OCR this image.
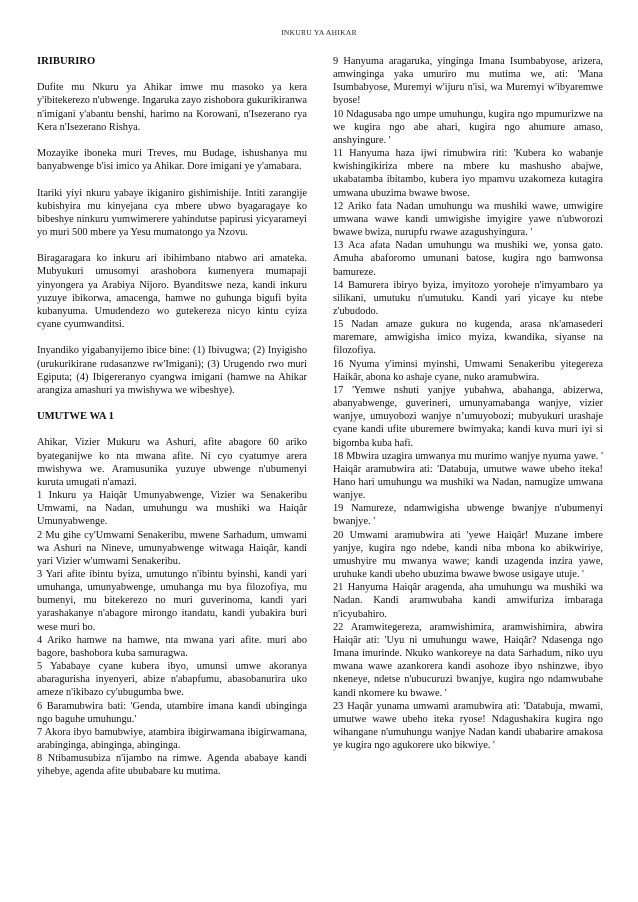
INKURU YA AHIKAR
IRIBURIRO

Dufite mu Nkuru ya Ahikar imwe mu masoko ya kera y'ibitekerezo n'ubwenge. Ingaruka zayo zishobora gukurikiranwa n'imigani y'abantu benshi, harimo na Korowani, n'Isezerano rya Kera n'Isezerano Rishya.

Mozayike iboneka muri Treves, mu Budage, ishushanya mu banyabwenge b'isi imico ya Ahikar. Dore imigani ye y'amabara.

Itariki yiyi nkuru yabaye ikiganiro gishimishije. Intiti zarangije kubishyira mu kinyejana cya mbere ubwo byagaragaye ko bibeshye ninkuru yumwimerere yahindutse papirusi yicyarameyi yo muri 500 mbere ya Yesu mumatongo ya Nzovu.

Biragaragara ko inkuru ari ibihimbano ntabwo ari amateka. Mubyukuri umusomyi arashobora kumenyera mumapaji yinyongera ya Arabiya Nijoro. Byanditswe neza, kandi inkuru yuzuye ibikorwa, amacenga, hamwe no guhunga bigufi byita kubanyuma. Umudendezo wo gutekereza nicyo kintu cyiza cyane cyumwanditsi.

Inyandiko yigabanyijemo ibice bine: (1) Ibivugwa; (2) Inyigisho (urukurikirane rudasanzwe rw'Imigani); (3) Urugendo rwo muri Egiputa; (4) Ibigereranyo cyangwa imigani (hamwe na Ahikar arangiza amashuri ya mwishywa we wibeshye).

UMUTWE WA 1

Ahikar, Vizier Mukuru wa Ashuri, afite abagore 60 ariko byateganijwe ko nta mwana afite. Ni cyo cyatumye arera mwishywa we. Aramusunika yuzuye ubwenge n'ubumenyi kuruta umugati n'amazi.

1 Inkuru ya Haiqâr Umunyabwenge, Vizier wa Senakeribu Umwami, na Nadan, umuhungu wa mushiki wa Haiqâr Umunyabwenge.

2 Mu gihe cy'Umwami Senakeribu, mwene Sarhadum, umwami wa Ashuri na Nineve, umunyabwenge witwaga Haiqâr, kandi yari Vizier w'umwami Senakeribu.

3 Yari afite ibintu byiza, umutungo n'ibintu byinshi, kandi yari umuhanga, umunyabwenge, umuhanga mu bya filozofiya, mu bumenyi, mu bitekerezo no muri guverinoma, kandi yari yarashakanye n'abagore mirongo itandatu, kandi yubakira buri wese muri bo.

4 Ariko hamwe na hamwe, nta mwana yari afite. muri abo bagore, bashobora kuba samuragwa.

5 Yababaye cyane kubera ibyo, umunsi umwe akoranya abaragurisha inyenyeri, abize n'abapfumu, abasobanurira uko ameze n'ikibazo cy'ubugumba bwe.

6 Baramubwira bati: 'Genda, utambire imana kandi ubinginga ngo baguhe umuhungu.'

7 Akora ibyo bamubwiye, atambira ibigirwamana ibigirwamana, arabinginga, abinginga, abinginga.

8 Ntibamusubiza n'ijambo na rimwe. Agenda ababaye kandi yihebye, agenda afite ububabare ku mutima.

9 Hanyuma aragaruka, yinginga Imana Isumbabyose, arizera, amwinginga yaka umuriro mu mutima we, ati: 'Mana Isumbabyose, Muremyi w'ijuru n'isi, wa Muremyi w'ibyaremwe byose!

10 Ndagusaba ngo umpe umuhungu, kugira ngo mpumurizwe na we kugira ngo abe ahari, kugira ngo ahumure amaso, anshyingure. '

11 Hanyuma haza ijwi rimubwira riti: 'Kubera ko wabanje kwishingikiriza mbere na mbere ku mashusho abajwe, ukabatamba ibitambo, kubera iyo mpamvu uzakomeza kutagira umwana ubuzima bwawe bwose.

12 Ariko fata Nadan umuhungu wa mushiki wawe, umwigire umwana wawe kandi umwigishe imyigire yawe n'ubworozi bwawe bwiza, nurupfu rwawe azagushyingura. '

13 Aca afata Nadan umuhungu wa mushiki we, yonsa gato. Amuha abaforomo umunani batose, kugira ngo bamwonsa bamureze.

14 Bamurera ibiryo byiza, imyitozo yoroheje n'imyambaro ya silikani, umutuku n'umutuku. Kandi yari yicaye ku ntebe z'ubudodo.

15 Nadan amaze gukura no kugenda, arasa nk'amasederi maremare, amwigisha imico myiza, kwandika, siyanse na filozofiya.

16 Nyuma y'iminsi myinshi, Umwami Senakeribu yitegereza Haikâr, abona ko ashaje cyane, nuko aramubwira.

17 'Yemwe nshuti yanjye yubahwa, abahanga, abizerwa, abanyabwenge, guverineri, umunyamabanga wanjye, vizier wanjye, umuyobozi wanjye n’umuyobozi; mubyukuri urashaje cyane kandi ufite uburemere bwimyaka; kandi kuva muri iyi si bigomba kuba hafi.

18 Mbwira uzagira umwanya mu murimo wanjye nyuma yawe. ' Haiqâr aramubwira ati: 'Databuja, umutwe wawe ubeho iteka! Hano hari umuhungu wa mushiki wa Nadan, namugize umwana wanjye.

19 Namureze, ndamwigisha ubwenge bwanjye n'ubumenyi bwanjye. '

20 Umwami aramubwira ati 'yewe Haiqâr! Muzane imbere yanjye, kugira ngo ndebe, kandi niba mbona ko abikwiriye, umushyire mu mwanya wawe; kandi uzagenda inzira yawe, uruhuke kandi ubeho ubuzima bwawe bwose usigaye utuje. '

21 Hanyuma Haiqâr aragenda, aha umuhungu wa mushiki wa Nadan. Kandi aramwubaha kandi amwifuriza imbaraga n'icyubahiro.

22 Aramwitegereza, aramwishimira, aramwishimira, abwira Haiqâr ati: 'Uyu ni umuhungu wawe, Haiqâr? Ndasenga ngo Imana imurinde. Nkuko wankoreye na data Sarhadum, niko uyu mwana wawe azankorera kandi asohoze ibyo nshinzwe, ibyo nkeneye, ndetse n'ubucuruzi bwanjye, kugira ngo ndamwubahe kandi nkomere ku bwawe. '

23 Haqâr yunama umwami aramubwira ati: 'Databuja, mwami, umutwe wawe ubeho iteka ryose! Ndagushakira kugira ngo wihangane n'umuhungu wanjye Nadan kandi ubabarire amakosa ye kugira ngo agukorere uko bikwiye. '
